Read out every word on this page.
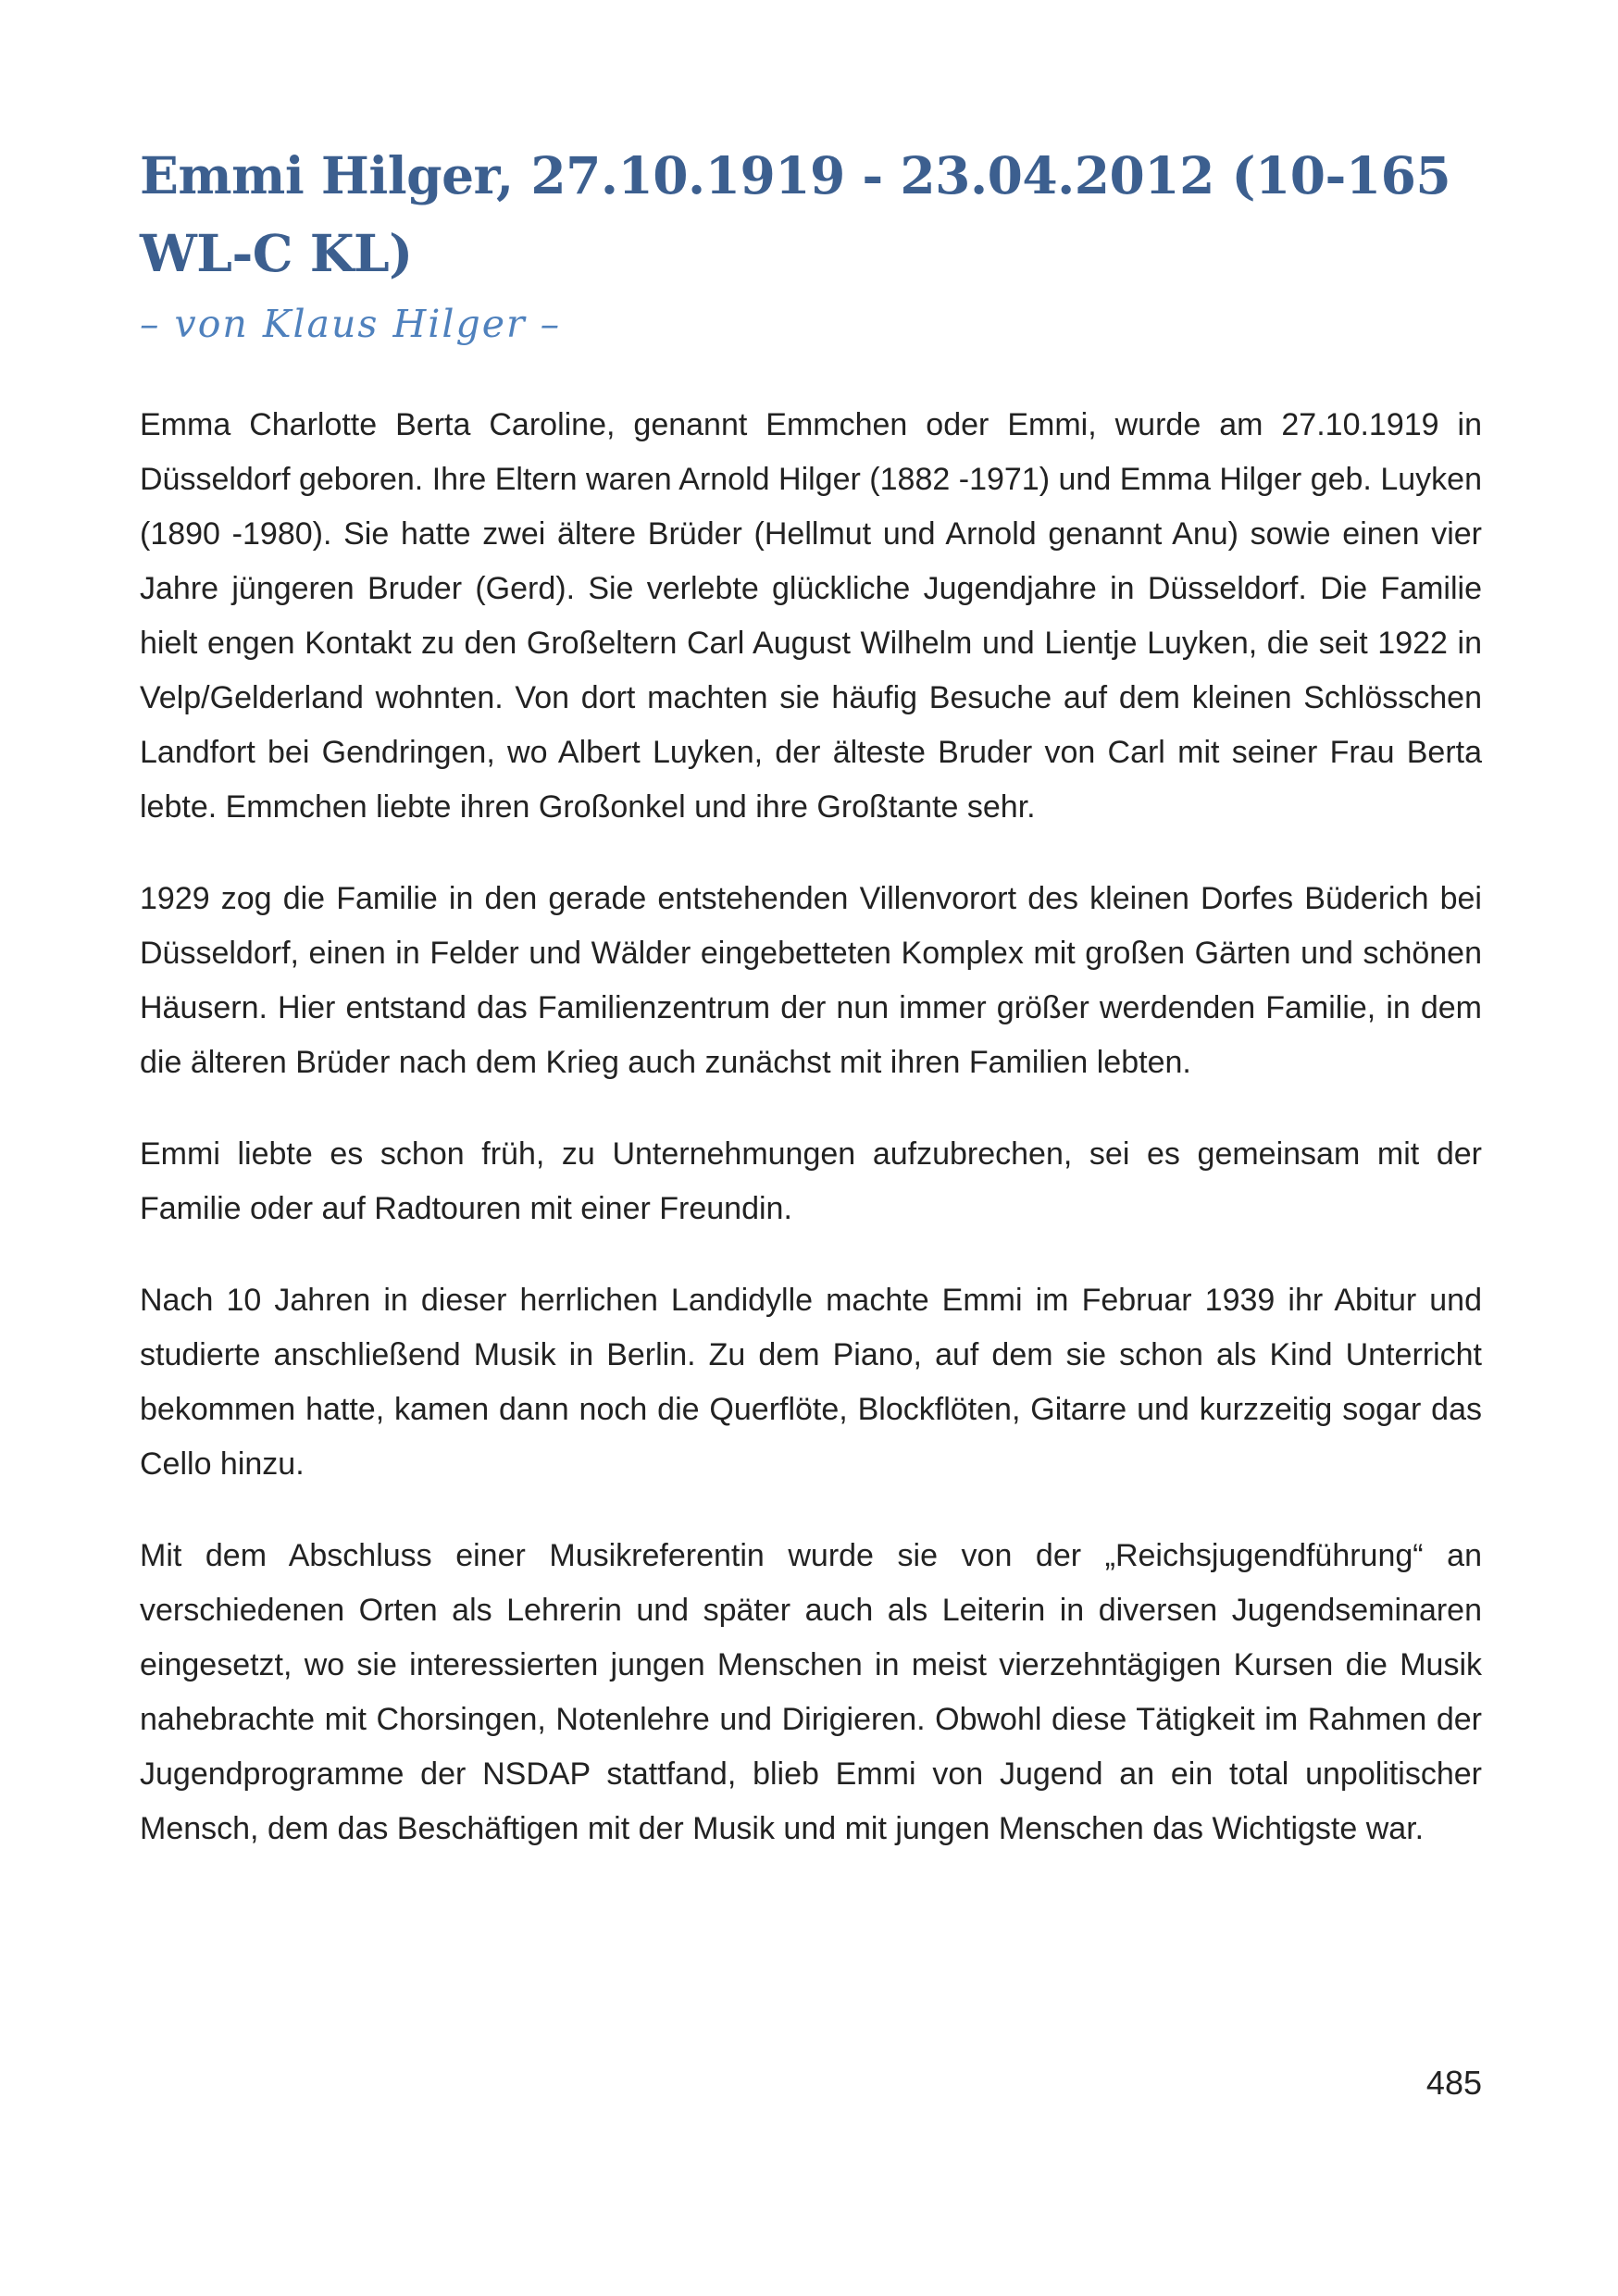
Emmi Hilger, 27.10.1919 - 23.04.2012 (10-165 WL-C KL)
– von Klaus Hilger –

Emma Charlotte Berta Caroline, genannt Emmchen oder Emmi, wurde am 27.10.1919 in Düsseldorf geboren. Ihre Eltern waren Arnold Hilger (1882 -1971) und Emma Hilger geb. Luyken (1890 -1980). Sie hatte zwei ältere Brüder (Hellmut und Arnold genannt Anu) sowie einen vier Jahre jüngeren Bruder (Gerd). Sie verlebte glückliche Jugendjahre in Düsseldorf. Die Familie hielt engen Kontakt zu den Großeltern Carl August Wilhelm und Lientje Luyken, die seit 1922 in Velp/Gelderland wohnten. Von dort machten sie häufig Besuche auf dem kleinen Schlösschen Landfort bei Gendringen, wo Albert Luyken, der älteste Bruder von Carl mit seiner Frau Berta lebte. Emmchen liebte ihren Großonkel und ihre Großtante sehr.

1929 zog die Familie in den gerade entstehenden Villenvorort des kleinen Dorfes Büderich bei Düsseldorf, einen in Felder und Wälder eingebetteten Komplex mit großen Gärten und schönen Häusern. Hier entstand das Familienzentrum der nun immer größer werdenden Familie, in dem die älteren Brüder nach dem Krieg auch zunächst mit ihren Familien lebten.

Emmi liebte es schon früh, zu Unternehmungen aufzubrechen, sei es gemeinsam mit der Familie oder auf Radtouren mit einer Freundin.

Nach 10 Jahren in dieser herrlichen Landidylle machte Emmi im Februar 1939 ihr Abitur und studierte anschließend Musik in Berlin. Zu dem Piano, auf dem sie schon als Kind Unterricht bekommen hatte, kamen dann noch die Querflöte, Blockflöten, Gitarre und kurzzeitig sogar das Cello hinzu.

Mit dem Abschluss einer Musikreferentin wurde sie von der „Reichsjugendführung“ an verschiedenen Orten als Lehrerin und später auch als Leiterin in diversen Jugendseminaren eingesetzt, wo sie interessierten jungen Menschen in meist vierzehntägigen Kursen die Musik nahebrachte mit Chorsingen, Notenlehre und Dirigieren. Obwohl diese Tätigkeit im Rahmen der Jugendprogramme der NSDAP stattfand, blieb Emmi von Jugend an ein total unpolitischer Mensch, dem das Beschäftigen mit der Musik und mit jungen Menschen das Wichtigste war.

485
